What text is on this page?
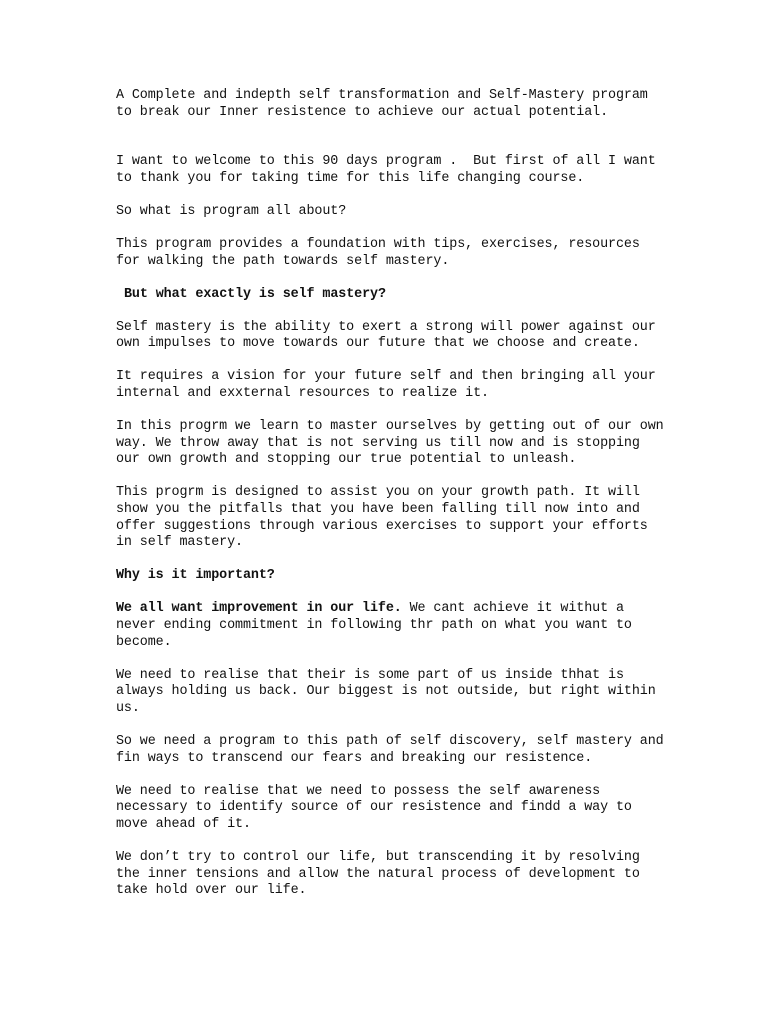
A Complete and indepth self transformation and Self-Mastery program
to break our Inner resistence to achieve our actual potential.

I want to welcome to this 90 days program .  But first of all I want
to thank you for taking time for this life changing course.

So what is program all about?

This program provides a foundation with tips, exercises, resources
for walking the path towards self mastery.

But what exactly is self mastery?

Self mastery is the ability to exert a strong will power against our
own impulses to move towards our future that we choose and create.

It requires a vision for your future self and then bringing all your
internal and exxternal resources to realize it.

In this progrm we learn to master ourselves by getting out of our own
way. We throw away that is not serving us till now and is stopping
our own growth and stopping our true potential to unleash.

This progrm is designed to assist you on your growth path. It will
show you the pitfalls that you have been falling till now into and
offer suggestions through various exercises to support your efforts
in self mastery.

Why is it important?

We all want improvement in our life. We cant achieve it withut a
never ending commitment in following thr path on what you want to
become.

We need to realise that their is some part of us inside thhat is
always holding us back. Our biggest is not outside, but right within
us.

So we need a program to this path of self discovery, self mastery and
fin ways to transcend our fears and breaking our resistence.

We need to realise that we need to possess the self awareness
necessary to identify source of our resistence and findd a way to
move ahead of it.

We don’t try to control our life, but transcending it by resolving
the inner tensions and allow the natural process of development to
take hold over our life.
